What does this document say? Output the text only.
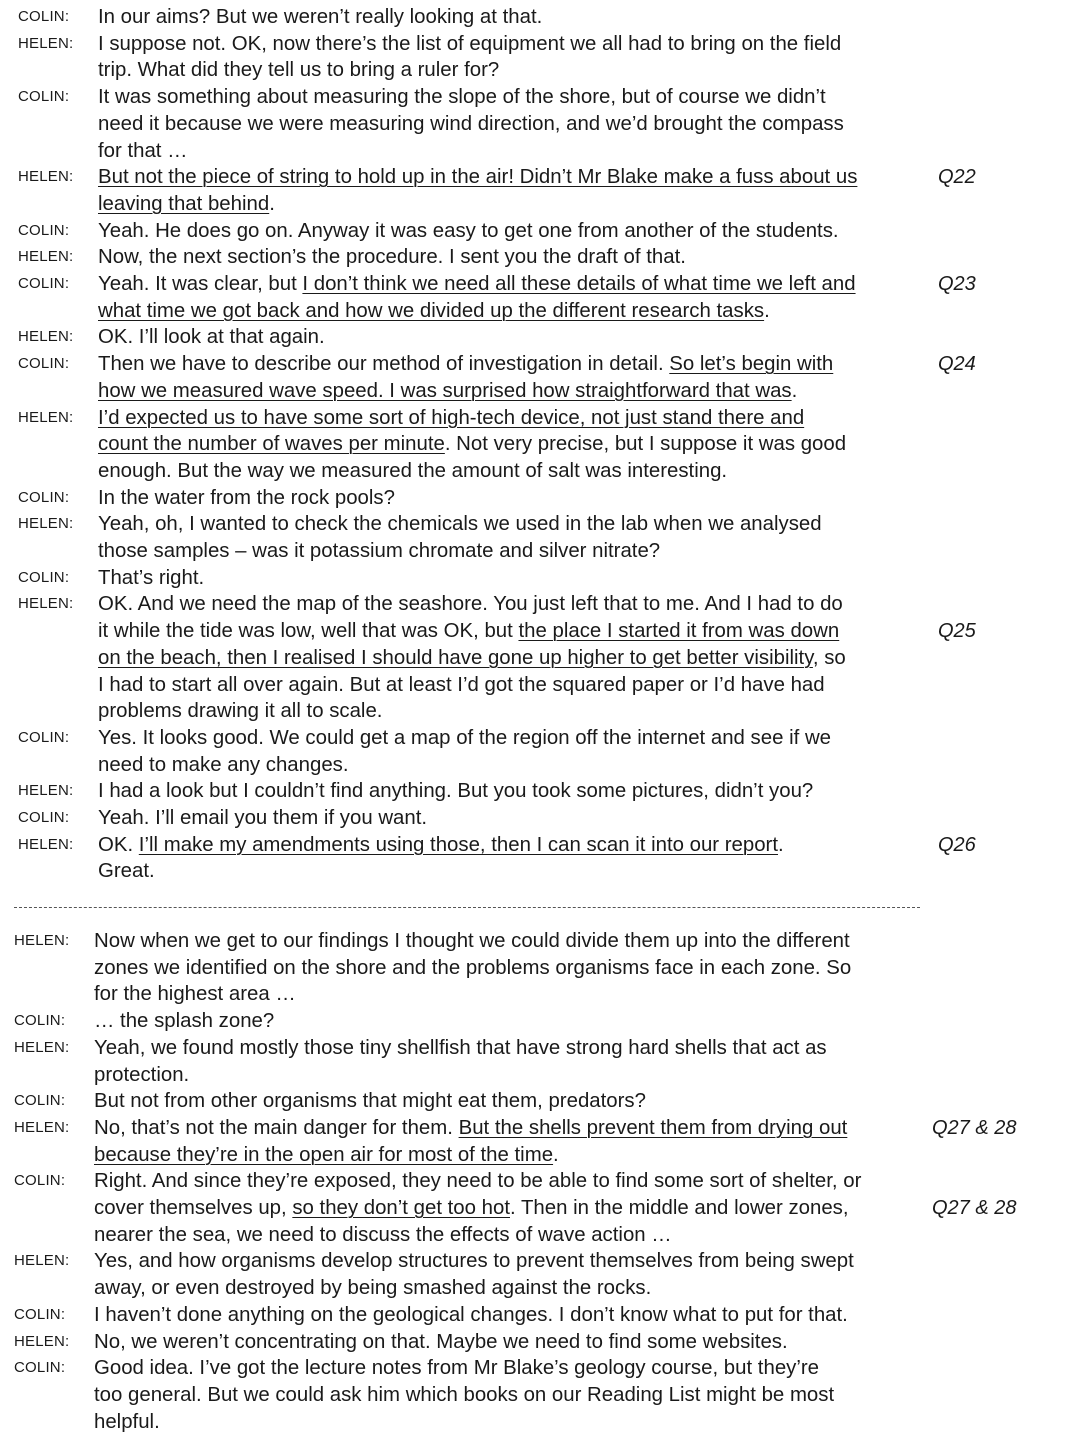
COLIN: In our aims? But we weren’t really looking at that.
HELEN: I suppose not. OK, now there’s the list of equipment we all had to bring on the field
trip. What did they tell us to bring a ruler for?
COLIN: It was something about measuring the slope of the shore, but of course we didn’t
need it because we were measuring wind direction, and we’d brought the compass
for that …
HELEN: But not the piece of string to hold up in the air! Didn’t Mr Blake make a fuss about us
leaving that behind.
Q22
COLIN: Yeah. He does go on. Anyway it was easy to get one from another of the students.
HELEN: Now, the next section’s the procedure. I sent you the draft of that.
COLIN: Yeah. It was clear, but I don’t think we need all these details of what time we left and
what time we got back and how we divided up the different research tasks.
Q23
HELEN: OK. I’ll look at that again.
COLIN: Then we have to describe our method of investigation in detail. So let’s begin with
how we measured wave speed. I was surprised how straightforward that was.
Q24
HELEN: I’d expected us to have some sort of high-tech device, not just stand there and
count the number of waves per minute. Not very precise, but I suppose it was good
enough. But the way we measured the amount of salt was interesting.
COLIN: In the water from the rock pools?
HELEN: Yeah, oh, I wanted to check the chemicals we used in the lab when we analysed
those samples – was it potassium chromate and silver nitrate?
COLIN: That’s right.
HELEN: OK. And we need the map of the seashore. You just left that to me. And I had to do
it while the tide was low, well that was OK, but the place I started it from was down
on the beach, then I realised I should have gone up higher to get better visibility, so
I had to start all over again. But at least I’d got the squared paper or I’d have had
problems drawing it all to scale.
Q25
COLIN: Yes. It looks good. We could get a map of the region off the internet and see if we
need to make any changes.
HELEN: I had a look but I couldn’t find anything. But you took some pictures, didn’t you?
COLIN: Yeah. I’ll email you them if you want.
HELEN: OK. I’ll make my amendments using those, then I can scan it into our report.
Great.
Q26
HELEN: Now when we get to our findings I thought we could divide them up into the different
zones we identified on the shore and the problems organisms face in each zone. So
for the highest area …
COLIN: … the splash zone?
HELEN: Yeah, we found mostly those tiny shellfish that have strong hard shells that act as
protection.
COLIN: But not from other organisms that might eat them, predators?
HELEN: No, that’s not the main danger for them. But the shells prevent them from drying out
because they’re in the open air for most of the time.
Q27 & 28
COLIN: Right. And since they’re exposed, they need to be able to find some sort of shelter, or
cover themselves up, so they don’t get too hot. Then in the middle and lower zones,
nearer the sea, we need to discuss the effects of wave action …
Q27 & 28
HELEN: Yes, and how organisms develop structures to prevent themselves from being swept
away, or even destroyed by being smashed against the rocks.
COLIN: I haven’t done anything on the geological changes. I don’t know what to put for that.
HELEN: No, we weren’t concentrating on that. Maybe we need to find some websites.
COLIN: Good idea. I’ve got the lecture notes from Mr Blake’s geology course, but they’re
too general. But we could ask him which books on our Reading List might be most
helpful.
